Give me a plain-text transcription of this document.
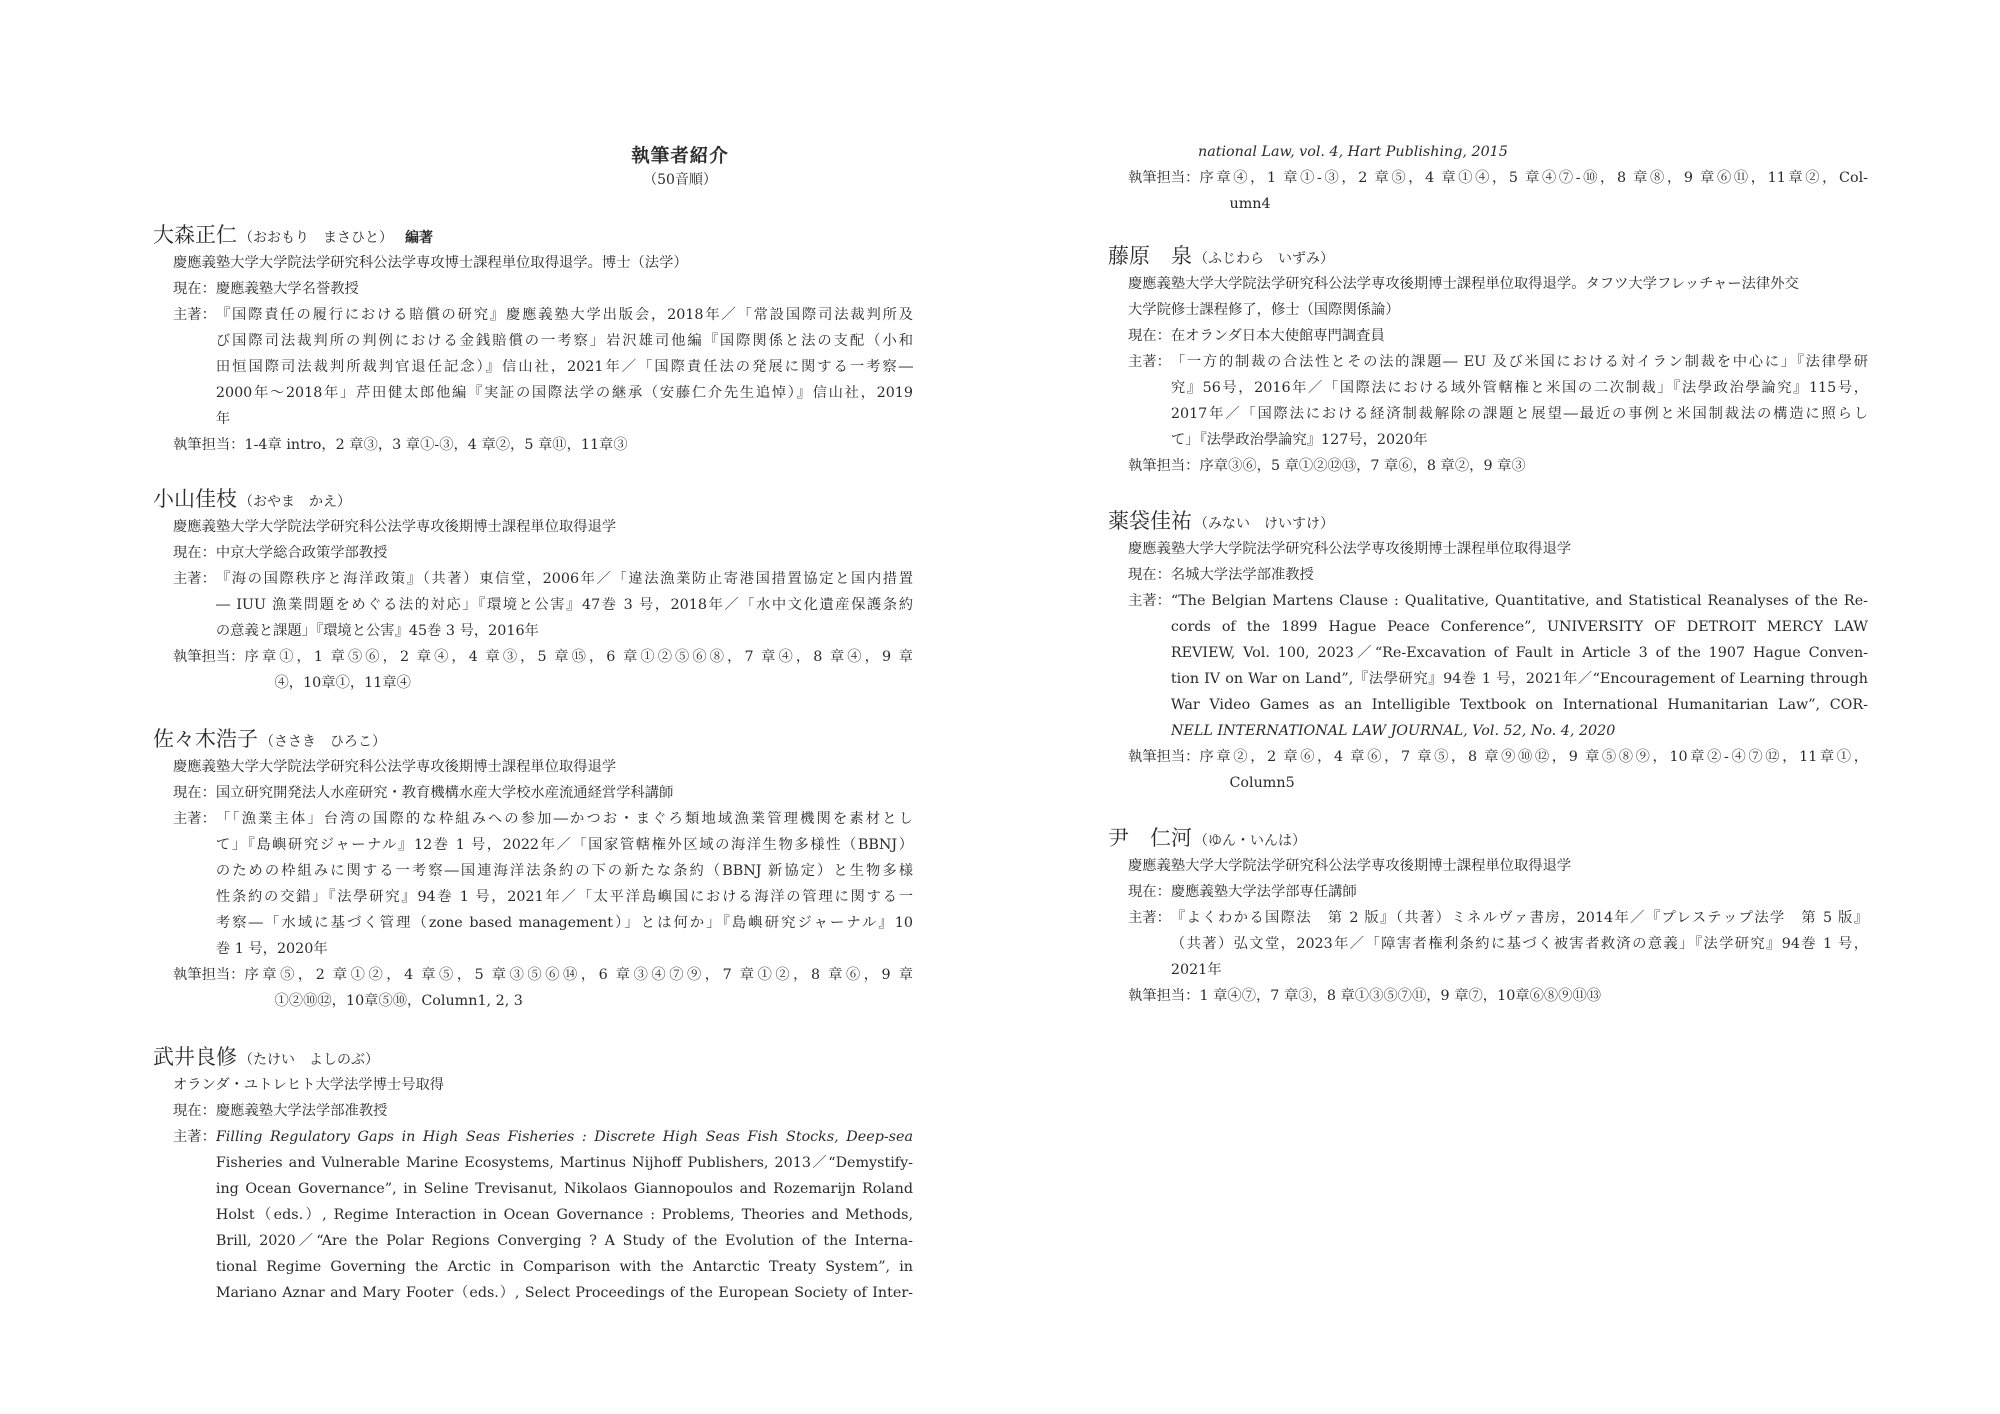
執筆者紹介
（50音順）
大森正仁 （おおもり　まさひと） 編著
慶應義塾大学大学院法学研究科公法学専攻博士課程単位取得退学。博士（法学）
現在： 慶應義塾大学名誉教授
主著： 『国際責任の履行における賠償の研究』慶應義塾大学出版会，2018年／「常設国際司法裁判所及
び国際司法裁判所の判例における金銭賠償の一考察」岩沢雄司他編『国際関係と法の支配（小和
田恒国際司法裁判所裁判官退任記念）』信山社，2021年／「国際責任法の発展に関する一考察―
2000年～2018年」芹田健太郎他編『実証の国際法学の継承（安藤仁介先生追悼）』信山社，2019
年
執筆担当： 1-4章 intro，2 章③，3 章①-③，4 章②，5 章⑪，11章③
小山佳枝 （おやま　かえ）
慶應義塾大学大学院法学研究科公法学専攻後期博士課程単位取得退学
現在： 中京大学総合政策学部教授
主著： 『海の国際秩序と海洋政策』（共著）東信堂，2006年／「違法漁業防止寄港国措置協定と国内措置
― IUU 漁業問題をめぐる法的対応」『環境と公害』47巻 3 号，2018年／「水中文化遺産保護条約
の意義と課題」『環境と公害』45巻 3 号，2016年
執筆担当： 序章①，1 章⑤⑥，2 章④，4 章③，5 章⑮，6 章①②⑤⑥⑧，7 章④，8 章④，9 章
④，10章①，11章④
佐々木浩子 （ささき　ひろこ）
慶應義塾大学大学院法学研究科公法学専攻後期博士課程単位取得退学
現在： 国立研究開発法人水産研究・教育機構水産大学校水産流通経営学科講師
主著： 「「漁業主体」台湾の国際的な枠組みへの参加―かつお・まぐろ類地域漁業管理機関を素材とし
て」『島嶼研究ジャーナル』12巻 1 号，2022年／「国家管轄権外区域の海洋生物多様性（BBNJ）
のための枠組みに関する一考察―国連海洋法条約の下の新たな条約（BBNJ 新協定）と生物多様
性条約の交錯」『法學研究』94巻 1 号，2021年／「太平洋島嶼国における海洋の管理に関する一
考察―「水域に基づく管理（zone based management）」とは何か」『島嶼研究ジャーナル』10
巻 1 号，2020年
執筆担当： 序章⑤，2 章①②，4 章⑤，5 章③⑤⑥⑭，6 章③④⑦⑨，7 章①②，8 章⑥，9 章
①②⑩⑫，10章⑤⑩，Column1, 2, 3
武井良修 （たけい　よしのぶ）
オランダ・ユトレヒト大学法学博士号取得
現在： 慶應義塾大学法学部准教授
主著： Filling Regulatory Gaps in High Seas Fisheries : Discrete High Seas Fish Stocks, Deep-sea
Fisheries and Vulnerable Marine Ecosystems, Martinus Nijhoff Publishers, 2013／“Demystify-
ing Ocean Governance”, in Seline Trevisanut, Nikolaos Giannopoulos and Rozemarijn Roland
Holst（eds.）, Regime Interaction in Ocean Governance : Problems, Theories and Methods,
Brill, 2020／“Are the Polar Regions Converging ? A Study of the Evolution of the Interna-
tional Regime Governing the Arctic in Comparison with the Antarctic Treaty System”, in
Mariano Aznar and Mary Footer（eds.）, Select Proceedings of the European Society of Inter-
national Law, vol. 4, Hart Publishing, 2015
執筆担当： 序章④，1 章①-③，2 章⑤，4 章①④，5 章④⑦-⑩，8 章⑧，9 章⑥⑪，11章②，Col-
umn4
藤原　泉 （ふじわら　いずみ）
慶應義塾大学大学院法学研究科公法学専攻後期博士課程単位取得退学。タフツ大学フレッチャー法律外交
大学院修士課程修了，修士（国際関係論）
現在： 在オランダ日本大使館専門調査員
主著： 「一方的制裁の合法性とその法的課題― EU 及び米国における対イラン制裁を中心に」『法律學研
究』56号，2016年／「国際法における域外管轄権と米国の二次制裁」『法學政治學論究』115号，
2017年／「国際法における経済制裁解除の課題と展望―最近の事例と米国制裁法の構造に照らし
て」『法學政治學論究』127号，2020年
執筆担当： 序章③⑥，5 章①②⑫⑬，7 章⑥，8 章②，9 章③
薬袋佳祐 （みない　けいすけ）
慶應義塾大学大学院法学研究科公法学専攻後期博士課程単位取得退学
現在： 名城大学法学部准教授
主著： “The Belgian Martens Clause : Qualitative, Quantitative, and Statistical Reanalyses of the Re-
cords of the 1899 Hague Peace Conference”, UNIVERSITY OF DETROIT MERCY LAW
REVIEW, Vol. 100, 2023／“Re-Excavation of Fault in Article 3 of the 1907 Hague Conven-
tion IV on War on Land”,『法學研究』94巻 1 号，2021年／“Encouragement of Learning through
War Video Games as an Intelligible Textbook on International Humanitarian Law”, COR-
NELL INTERNATIONAL LAW JOURNAL, Vol. 52, No. 4, 2020
執筆担当： 序章②，2 章⑥，4 章⑥，7 章⑤，8 章⑨⑩⑫，9 章⑤⑧⑨，10章②-④⑦⑫，11章①，
Column5
尹　仁河 （ゆん・いんは）
慶應義塾大学大学院法学研究科公法学専攻後期博士課程単位取得退学
現在： 慶應義塾大学法学部専任講師
主著： 『よくわかる国際法　第 2 版』（共著）ミネルヴァ書房，2014年／『プレステップ法学　第 5 版』
（共著）弘文堂，2023年／「障害者権利条約に基づく被害者救済の意義」『法学研究』94巻 1 号，
2021年
執筆担当： 1 章④⑦，7 章③，8 章①③⑤⑦⑪，9 章⑦，10章⑥⑧⑨⑪⑬
